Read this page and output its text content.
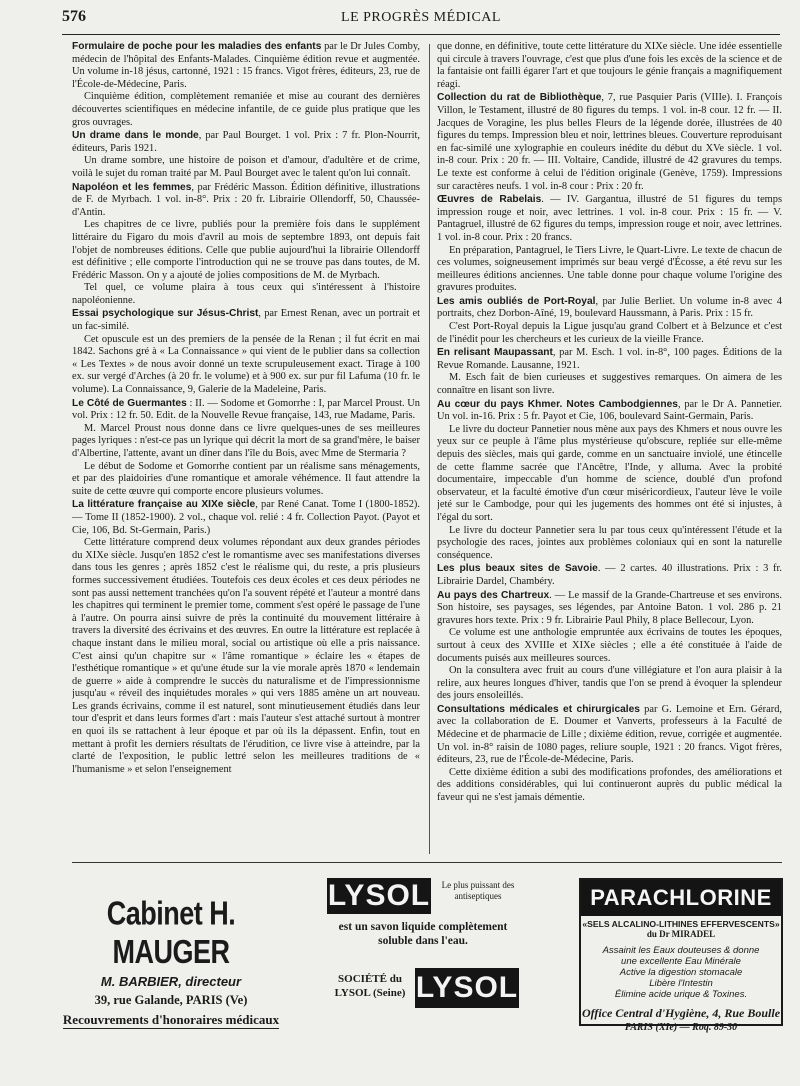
576	LE PROGRÈS MÉDICAL

Formulaire de poche pour les maladies des enfants par le Dr Jules Comby, médecin de l'hôpital des Enfants-Malades. Cinquième édition revue et augmentée. Un volume in-18 jésus, cartonné, 1921 : 15 francs. Vigot frères, éditeurs, 23, rue de l'École-de-Médecine, Paris.

Cinquième édition, complètement remaniée et mise au courant des dernières découvertes scientifiques en médecine infantile, de ce guide plus pratique que les gros ouvrages.

Un drame dans le monde, par Paul Bourget. 1 vol. Prix : 7 fr. Plon-Nourrit, éditeurs, Paris 1921.

Un drame sombre, une histoire de poison et d'amour, d'adultère et de crime, voilà le sujet du roman traité par M. Paul Bourget avec le talent qu'on lui connaît.

Napoléon et les femmes, par Frédéric Masson. Édition définitive, illustrations de F. de Myrbach. 1 vol. in-8°. Prix : 20 fr. Librairie Ollendorff, 50, Chaussée-d'Antin.

Les chapitres de ce livre, publiés pour la première fois dans le supplément littéraire du Figaro du mois d'avril au mois de septembre 1893, ont depuis fait l'objet de nombreuses éditions. Celle que publie aujourd'hui la librairie Ollendorff est définitive ; elle comporte l'introduction qui ne se trouve pas dans toutes, de M. Frédéric Masson. On y a ajouté de jolies compositions de M. de Myrbach.

Tel quel, ce volume plaira à tous ceux qui s'intéressent à l'histoire napoléonienne.

Essai psychologique sur Jésus-Christ, par Ernest Renan, avec un portrait et un fac-similé.

Cet opuscule est un des premiers de la pensée de la Renan ; il fut écrit en mai 1842. Sachons gré à « La Connaissance » qui vient de le publier dans sa collection « Les Textes » de nous avoir donné un texte scrupuleusement exact. Tirage à 100 ex. sur vergé d'Arches (à 20 fr. le volume) et à 900 ex. sur pur fil Lafuma (10 fr. le volume). La Connaissance, 9, Galerie de la Madeleine, Paris.

Le Côté de Guermantes : II. — Sodome et Gomorrhe : I, par Marcel Proust. Un vol. Prix : 12 fr. 50. Edit. de la Nouvelle Revue française, 143, rue Madame, Paris.

M. Marcel Proust nous donne dans ce livre quelques-unes de ses meilleures pages lyriques : n'est-ce pas un lyrique qui décrit la mort de sa grand'mère, le baiser d'Albertine, l'attente, avant un dîner dans l'île du Bois, avec Mme de Stermaria ?

Le début de Sodome et Gomorrhe contient par un réalisme sans ménagements, et par des plaidoiries d'une romantique et amorale véhémence. Il faut attendre la suite de cette œuvre qui comporte encore plusieurs volumes.

La littérature française au XIXe siècle, par René Canat. Tome I (1800-1852). — Tome II (1852-1900). 2 vol., chaque vol. relié : 4 fr. Collection Payot. (Payot et Cie, 106, Bd. St-Germain, Paris.)

Cette littérature comprend deux volumes répondant aux deux grandes périodes du XIXe siècle. Jusqu'en 1852 c'est le romantisme avec ses manifestations diverses dans tous les genres ; après 1852 c'est le réalisme qui, du reste, a pris plusieurs formes successivement étudiées. Toutefois ces deux écoles et ces deux périodes ne sont pas aussi nettement tranchées qu'on l'a souvent répété et l'auteur a montré dans les chapitres qui terminent le premier tome, comment s'est opéré le passage de l'une à l'autre. On pourra ainsi suivre de près la continuité du mouvement littéraire à travers la diversité des écrivains et des œuvres. En outre la littérature est replacée à chaque instant dans le milieu moral, social ou artistique où elle a pris naissance. C'est ainsi qu'un chapitre sur « l'âme romantique » éclaire les « étapes de l'esthétique romantique » et qu'une étude sur la vie morale après 1870 « lendemain de guerre » aide à comprendre le succès du naturalisme et de l'impressionnisme jusqu'au « réveil des inquiétudes morales » qui vers 1885 amène un art nouveau. Les grands écrivains, comme il est naturel, sont minutieusement étudiés dans leur tour d'esprit et dans leurs formes d'art : mais l'auteur s'est attaché surtout à montrer en quoi ils se rattachent à leur époque et par où ils la dépassent. Enfin, tout en mettant à profit les derniers résultats de l'érudition, ce livre vise à atteindre, par la clarté de l'exposition, le public lettré selon les meilleures traditions de « l'humanisme » et selon l'enseignement

que donne, en définitive, toute cette littérature du XIXe siècle. Une idée essentielle qui circule à travers l'ouvrage, c'est que plus d'une fois les excès de la science et de la fantaisie ont failli égarer l'art et que toujours le génie français a magnifiquement réagi.

Collection du rat de Bibliothèque, 7, rue Pasquier Paris (VIIIe). I. François Villon, le Testament, illustré de 80 figures du temps. 1 vol. in-8 cour. 12 fr. — II. Jacques de Voragine, les plus belles Fleurs de la légende dorée, illustrées de 40 figures du temps. Impression bleu et noir, lettrines bleues. Couverture reproduisant en fac-similé une xylographie en couleurs inédite du début du XVe siècle. 1 vol. in-8 cour. Prix : 20 fr. — III. Voltaire, Candide, illustré de 42 gravures du temps. Le texte est conforme à celui de l'édition originale (Genève, 1759). Impressions sur caractères neufs. 1 vol. in-8 cour : Prix : 20 fr.

Œuvres de Rabelais. — IV. Gargantua, illustré de 51 figures du temps impression rouge et noir, avec lettrines. 1 vol. in-8 cour. Prix : 15 fr. — V. Pantagruel, illustré de 62 figures du temps, impression rouge et noir, avec lettrines. 1 vol. in-8 cour. Prix : 20 francs.

En préparation, Pantagruel, le Tiers Livre, le Quart-Livre. Le texte de chacun de ces volumes, soigneusement imprimés sur beau vergé d'Écosse, a été revu sur les meilleures éditions anciennes. Une table donne pour chaque volume l'origine des gravures produites.

Les amis oubliés de Port-Royal, par Julie Berliet. Un volume in-8 avec 4 portraits, chez Dorbon-Aîné, 19, boulevard Haussmann, à Paris. Prix : 15 fr.

C'est Port-Royal depuis la Ligue jusqu'au grand Colbert et à Belzunce et c'est de l'inédit pour les chercheurs et les curieux de la vieille France.

En relisant Maupassant, par M. Esch. 1 vol. in-8°, 100 pages. Éditions de la Revue Romande. Lausanne, 1921.

M. Esch fait de bien curieuses et suggestives remarques. On aimera de les connaître en lisant son livre.

Au cœur du pays Khmer. Notes Cambodgiennes, par le Dr A. Pannetier. Un vol. in-16. Prix : 5 fr. Payot et Cie, 106, boulevard Saint-Germain, Paris.

Le livre du docteur Pannetier nous mène aux pays des Khmers et nous ouvre les yeux sur ce peuple à l'âme plus mystérieuse qu'obscure, repliée sur elle-même depuis des siècles, mais qui garde, comme en un sanctuaire inviolé, une étincelle de cette flamme sacrée que l'Ancêtre, l'Inde, y alluma. Avec la probité documentaire, impeccable d'un homme de science, doublé d'un profond observateur, et la faculté émotive d'un cœur miséricordieux, l'auteur lève le voile jeté sur le Cambodge, pour qui les jugements des hommes ont été si injustes, à l'égal du sort.

Le livre du docteur Pannetier sera lu par tous ceux qu'intéressent l'étude et la psychologie des races, jointes aux problèmes coloniaux qui en sont la naturelle conséquence.

Les plus beaux sites de Savoie. — 2 cartes. 40 illustrations. Prix : 3 fr. Librairie Dardel, Chambéry.

Au pays des Chartreux. — Le massif de la Grande-Chartreuse et ses environs. Son histoire, ses paysages, ses légendes, par Antoine Baton. 1 vol. 286 p. 21 gravures hors texte. Prix : 9 fr. Librairie Paul Phily, 8 place Bellecour, Lyon.

Ce volume est une anthologie empruntée aux écrivains de toutes les époques, surtout à ceux des XVIIIe et XIXe siècles ; elle a été constituée à l'aide de documents puisés aux meilleures sources.

On la consultera avec fruit au cours d'une villégiature et l'on aura plaisir à la relire, aux heures longues d'hiver, tandis que l'on se prend à évoquer la splendeur des jours ensoleillés.

Consultations médicales et chirurgicales par G. Lemoine et Ern. Gérard, avec la collaboration de E. Doumer et Vanverts, professeurs à la Faculté de Médecine et de pharmacie de Lille ; dixième édition, revue, corrigée et augmentée. Un vol. in-8° raisin de 1080 pages, reliure souple, 1921 : 20 francs. Vigot frères, éditeurs, 23, rue de l'École-de-Médecine, Paris.

Cette dixième édition a subi des modifications profondes, des améliorations et des additions considérables, qui lui continueront auprès du public médical la faveur qui ne s'est jamais démentie.

Cabinet H. MAUGER
M. BARBIER, directeur
39, rue Galande, PARIS (Ve)
Recouvrements d'honoraires médicaux
LYSOL	Le plus puissant des antiseptiques
est un savon liquide complètement soluble dans l'eau.
SOCIÉTÉ du LYSOL (Seine) LYSOL
PARACHLORINE
«SELS ALCALINO-LITHINES EFFERVESCENTS»
du Dr MIRADEL
Assainit les Eaux douteuses & donne
une excellente Eau Minérale
Active la digestion stomacale
Libère l'Intestin
Élimine acide urique & Toxines.
Office Central d'Hygiène, 4, Rue Boulle
PARIS (XIe) — Roq. 89-30
